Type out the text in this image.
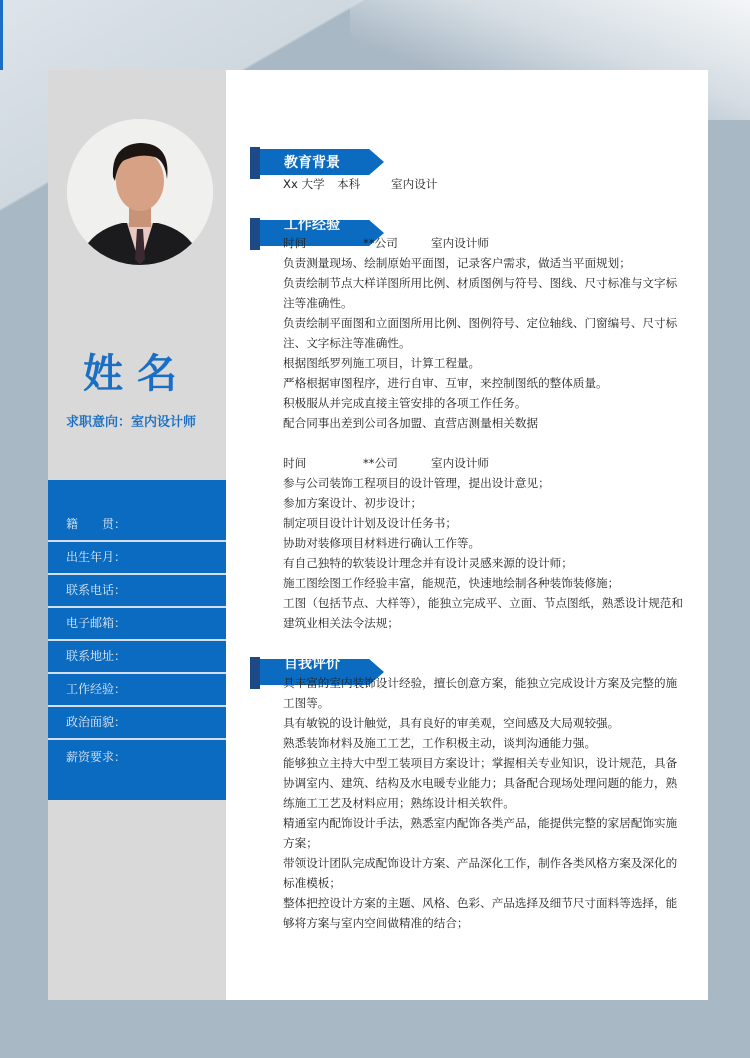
姓名
求职意向：室内设计师
籍　　贯：
出生年月：
联系电话：
电子邮箱：
联系地址：
工作经验：
政治面貌：
薪资要求：
教育背景
Xx 大学 本科	室内设计
工作经验

时间	**公司	室内设计师

负责测量现场、绘制原始平面图，记录客户需求，做适当平面规划；

负责绘制节点大样详图所用比例、材质图例与符号、图线、尺寸标准与文字标注等准确性。

负责绘制平面图和立面图所用比例、图例符号、定位轴线、门窗编号、尺寸标注、文字标注等准确性。

根据图纸罗列施工项目，计算工程量。

严格根据审图程序，进行自审、互审，来控制图纸的整体质量。

积极服从并完成直接主管安排的各项工作任务。

配合同事出差到公司各加盟、直营店测量相关数据

时间	**公司	室内设计师

参与公司装饰工程项目的设计管理，提出设计意见；

参加方案设计、初步设计；

制定项目设计计划及设计任务书；

协助对装修项目材料进行确认工作等。

有自己独特的软装设计理念并有设计灵感来源的设计师；

施工图绘图工作经验丰富，能规范，快速地绘制各种装饰装修施；

工图（包括节点、大样等），能独立完成平、立面、节点图纸，熟悉设计规范和建筑业相关法令法规；

自我评价

具丰富的室内装饰设计经验，擅长创意方案，能独立完成设计方案及完整的施工图等。

具有敏锐的设计触觉，具有良好的审美观，空间感及大局观较强。

熟悉装饰材料及施工工艺，工作积极主动，谈判沟通能力强。

能够独立主持大中型工装项目方案设计；掌握相关专业知识，设计规范，具备协调室内、建筑、结构及水电暖专业能力；具备配合现场处理问题的能力，熟练施工工艺及材料应用；熟练设计相关软件。

精通室内配饰设计手法，熟悉室内配饰各类产品，能提供完整的家居配饰实施方案；

带领设计团队完成配饰设计方案、产品深化工作，制作各类风格方案及深化的标准模板；

整体把控设计方案的主题、风格、色彩、产品选择及细节尺寸面料等选择，能够将方案与室内空间做精准的结合；
